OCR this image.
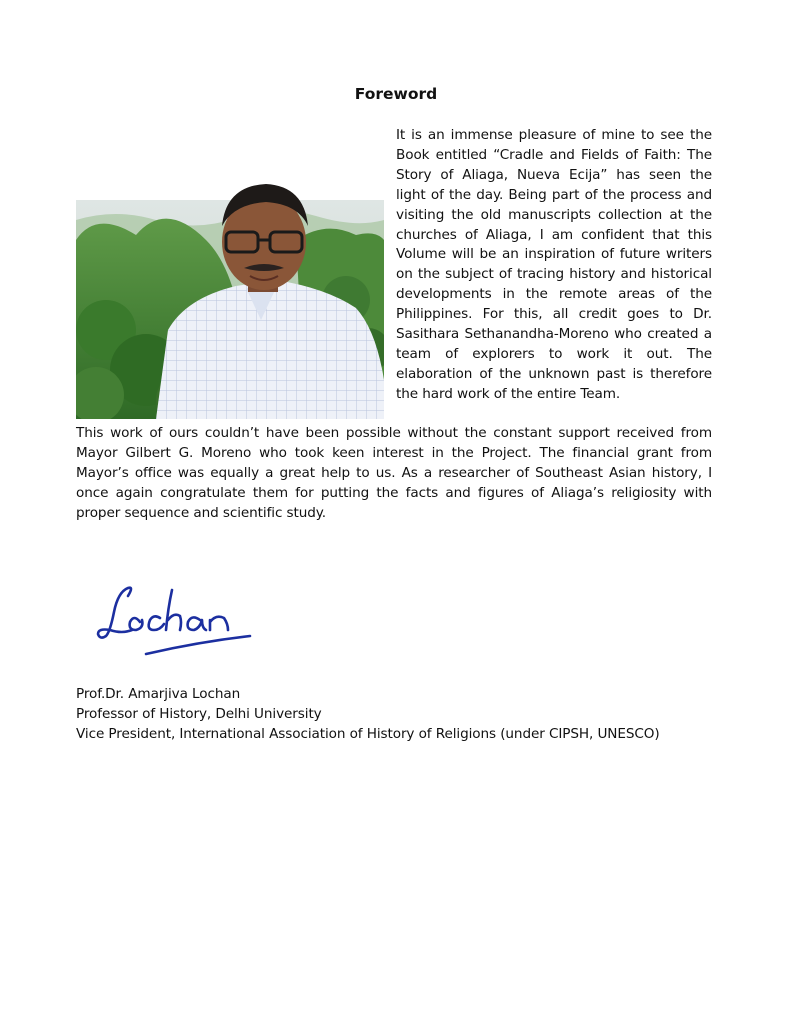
Foreword
It is an immense pleasure of mine to see the Book entitled “Cradle and Fields of Faith: The Story of Aliaga, Nueva Ecija” has seen the light of the day. Being part of the process and visiting the old manuscripts collection at the churches of Aliaga, I am confident that this Volume will be an inspiration of future writers on the subject of tracing history and historical developments in the remote areas of the Philippines. For this, all credit goes to Dr. Sasithara Sethanandha-Moreno who created a team of explorers to work it out. The elaboration of the unknown past is therefore the hard work of the entire Team.
This work of ours couldn’t have been possible without the constant support received from Mayor Gilbert G. Moreno who took keen interest in the Project. The financial grant from Mayor’s office was equally a great help to us. As a researcher of Southeast Asian history, I once again congratulate them for putting the facts and figures of Aliaga’s religiosity with proper sequence and scientific study.
Prof.Dr. Amarjiva Lochan
Professor of History, Delhi University
Vice President, International Association of History of Religions (under CIPSH, UNESCO)
